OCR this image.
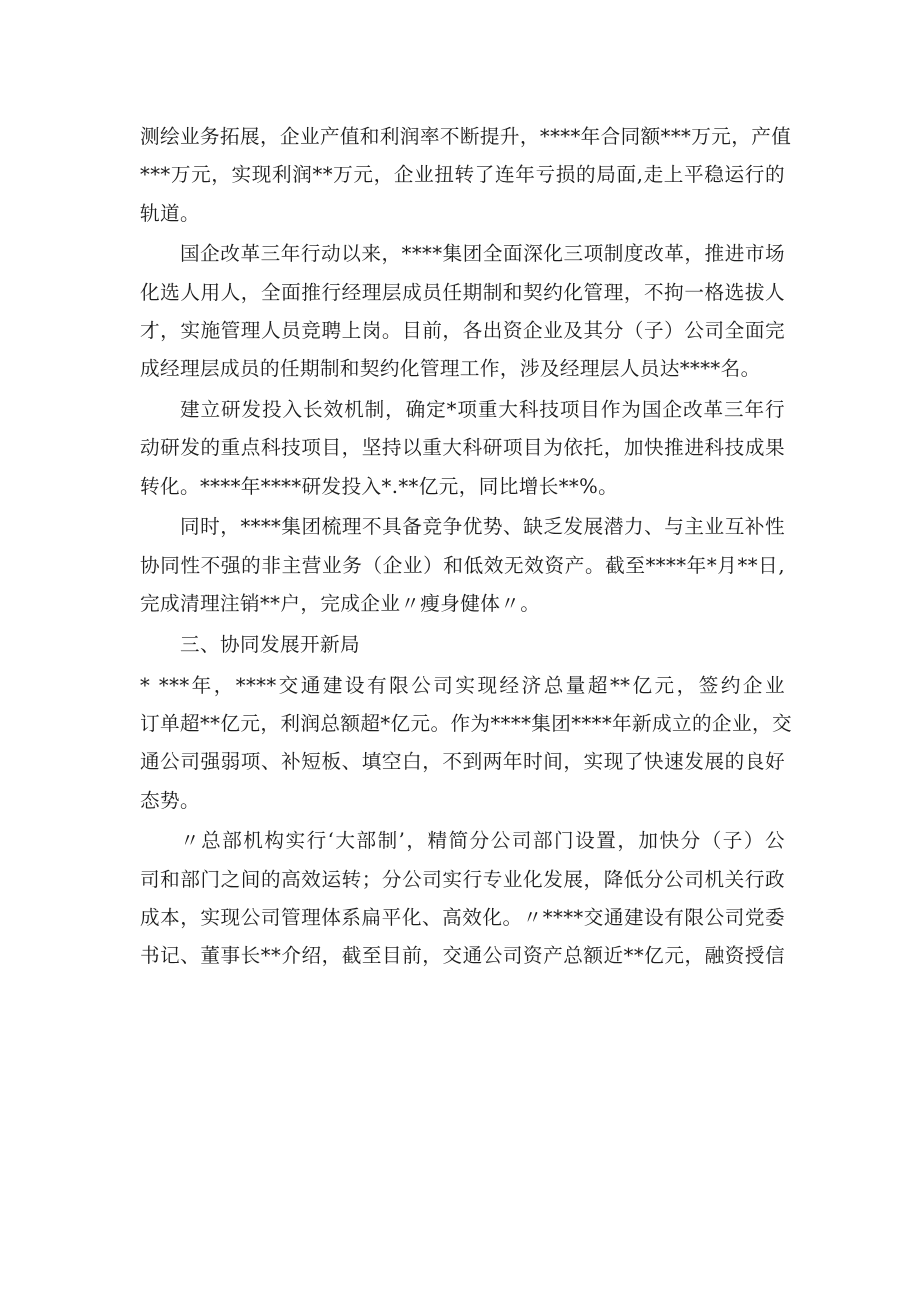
测绘业务拓展，企业产值和利润率不断提升，****年合同额***万元，产值
***万元，实现利润**万元，企业扭转了连年亏损的局面,走上平稳运行的
轨道。
国企改革三年行动以来，****集团全面深化三项制度改革，推进市场
化选人用人，全面推行经理层成员任期制和契约化管理，不拘一格选拔人
才，实施管理人员竞聘上岗。目前，各出资企业及其分（子）公司全面完
成经理层成员的任期制和契约化管理工作，涉及经理层人员达****名。
建立研发投入长效机制，确定*项重大科技项目作为国企改革三年行
动研发的重点科技项目，坚持以重大科研项目为依托，加快推进科技成果
转化。****年****研发投入*.**亿元，同比增长**%。
同时，****集团梳理不具备竞争优势、缺乏发展潜力、与主业互补性
协同性不强的非主营业务（企业）和低效无效资产。截至****年*月**日,
完成清理注销**户，完成企业〃瘦身健体〃。
三、协同发展开新局
* ***年，****交通建设有限公司实现经济总量超**亿元，签约企业
订单超**亿元，利润总额超*亿元。作为****集团****年新成立的企业，交
通公司强弱项、补短板、填空白，不到两年时间，实现了快速发展的良好
态势。
〃总部机构实行‘大部制’，精简分公司部门设置，加快分（子）公
司和部门之间的高效运转；分公司实行专业化发展，降低分公司机关行政
成本，实现公司管理体系扁平化、高效化。〃****交通建设有限公司党委
书记、董事长**介绍，截至目前，交通公司资产总额近**亿元，融资授信
